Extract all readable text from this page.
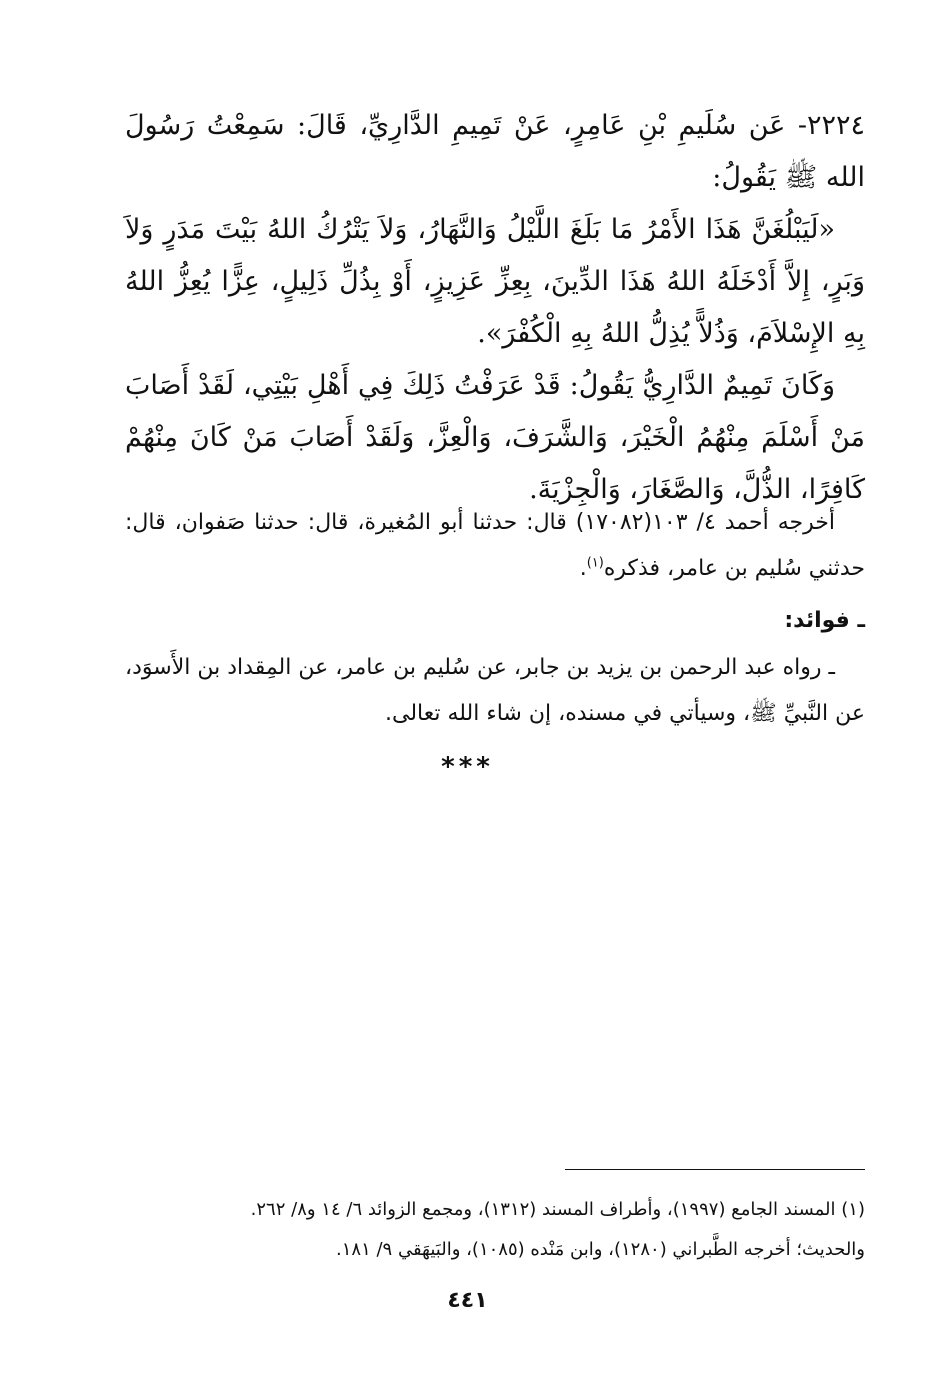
٢٢٢٤- عَن سُلَيمِ بْنِ عَامِرٍ، عَنْ تَمِيمِ الدَّارِيِّ، قَالَ: سَمِعْتُ رَسُولَ الله ﷺ يَقُولُ:

«لَيَبْلُغَنَّ هَذَا الأَمْرُ مَا بَلَغَ اللَّيْلُ وَالنَّهَارُ، وَلاَ يَتْرُكُ اللهُ بَيْتَ مَدَرٍ وَلاَ وَبَرٍ، إِلاَّ أَدْخَلَهُ اللهُ هَذَا الدِّينَ، بِعِزِّ عَزِيزٍ، أَوْ بِذُلِّ ذَلِيلٍ، عِزًّا يُعِزُّ اللهُ بِهِ الإِسْلاَمَ، وَذُلاًّ يُذِلُّ اللهُ بِهِ الْكُفْرَ».

وَكَانَ تَمِيمٌ الدَّارِيُّ يَقُولُ: قَدْ عَرَفْتُ ذَلِكَ فِي أَهْلِ بَيْتِي، لَقَدْ أَصَابَ مَنْ أَسْلَمَ مِنْهُمُ الْخَيْرَ، وَالشَّرَفَ، وَالْعِزَّ، وَلَقَدْ أَصَابَ مَنْ كَانَ مِنْهُمْ كَافِرًا، الذُّلَّ، وَالصَّغَارَ، وَالْجِزْيَةَ.

أخرجه أحمد ٤/ ١٠٣(١٧٠٨٢) قال: حدثنا أبو المُغيرة، قال: حدثنا صَفوان، قال: حدثني سُليم بن عامر، فذكره$^{(١)}$.

ـ فوائد:

ـ رواه عبد الرحمن بن يزيد بن جابر، عن سُليم بن عامر، عن المِقداد بن الأَسوَد، عن النَّبيِّ ﷺ، وسيأتي في مسنده، إن شاء الله تعالى.

***

(١) المسند الجامع (١٩٩٧)، وأطراف المسند (١٣١٢)، ومجمع الزوائد ٦/ ١٤ و٨/ ٢٦٢.

والحديث؛ أخرجه الطَّبراني (١٢٨٠)، وابن مَنْده (١٠٨٥)، والبَيهَقي ٩/ ١٨١.

٤٤١
